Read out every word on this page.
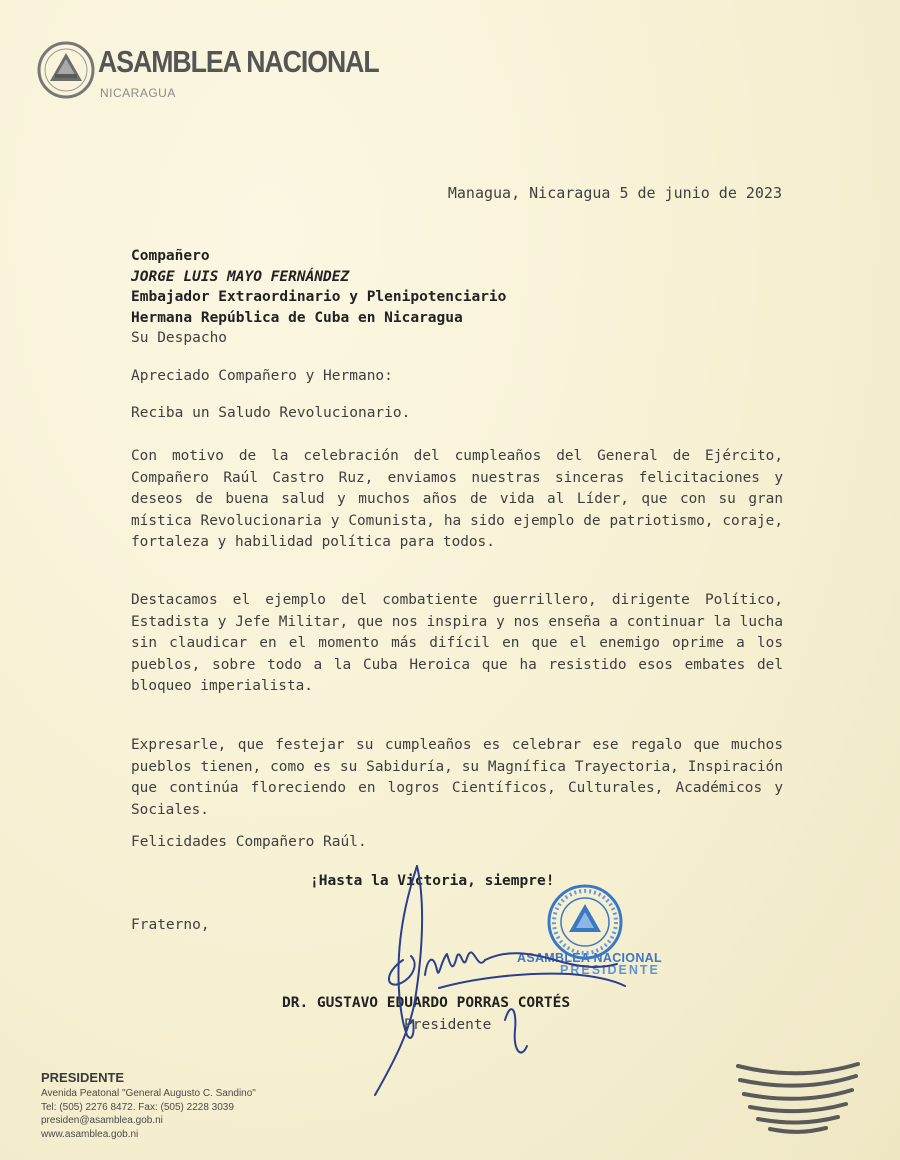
ASAMBLEA NACIONAL
NICARAGUA
Managua, Nicaragua 5 de junio de 2023
Compañero
JORGE LUIS MAYO FERNÁNDEZ
Embajador Extraordinario y Plenipotenciario
Hermana República de Cuba en Nicaragua
Su Despacho
Apreciado Compañero y Hermano:
Reciba un Saludo Revolucionario.
Con motivo de la celebración del cumpleaños del General de Ejército, Compañero Raúl Castro Ruz, enviamos nuestras sinceras felicitaciones y deseos de buena salud y muchos años de vida al Líder, que con su gran mística Revolucionaria y Comunista, ha sido ejemplo de patriotismo, coraje, fortaleza y habilidad política para todos.
Destacamos el ejemplo del combatiente guerrillero, dirigente Político, Estadista y Jefe Militar, que nos inspira y nos enseña a continuar la lucha sin claudicar en el momento más difícil en que el enemigo oprime a los pueblos, sobre todo a la Cuba Heroica que ha resistido esos embates del bloqueo imperialista.
Expresarle, que festejar su cumpleaños es celebrar ese regalo que muchos pueblos tienen, como es su Sabiduría, su Magnífica Trayectoria, Inspiración que continúa floreciendo en logros Científicos, Culturales, Académicos y Sociales.
Felicidades Compañero Raúl.
¡Hasta la Victoria, siempre!
Fraterno,
ASAMBLEA NACIONAL
PRESIDENTE
DR. GUSTAVO EDUARDO PORRAS CORTÉS
Presidente
PRESIDENTE
Avenida Peatonal "General Augusto C. Sandino"
Tel: (505) 2276 8472. Fax: (505) 2228 3039
presiden@asamblea.gob.ni
www.asamblea.gob.ni
